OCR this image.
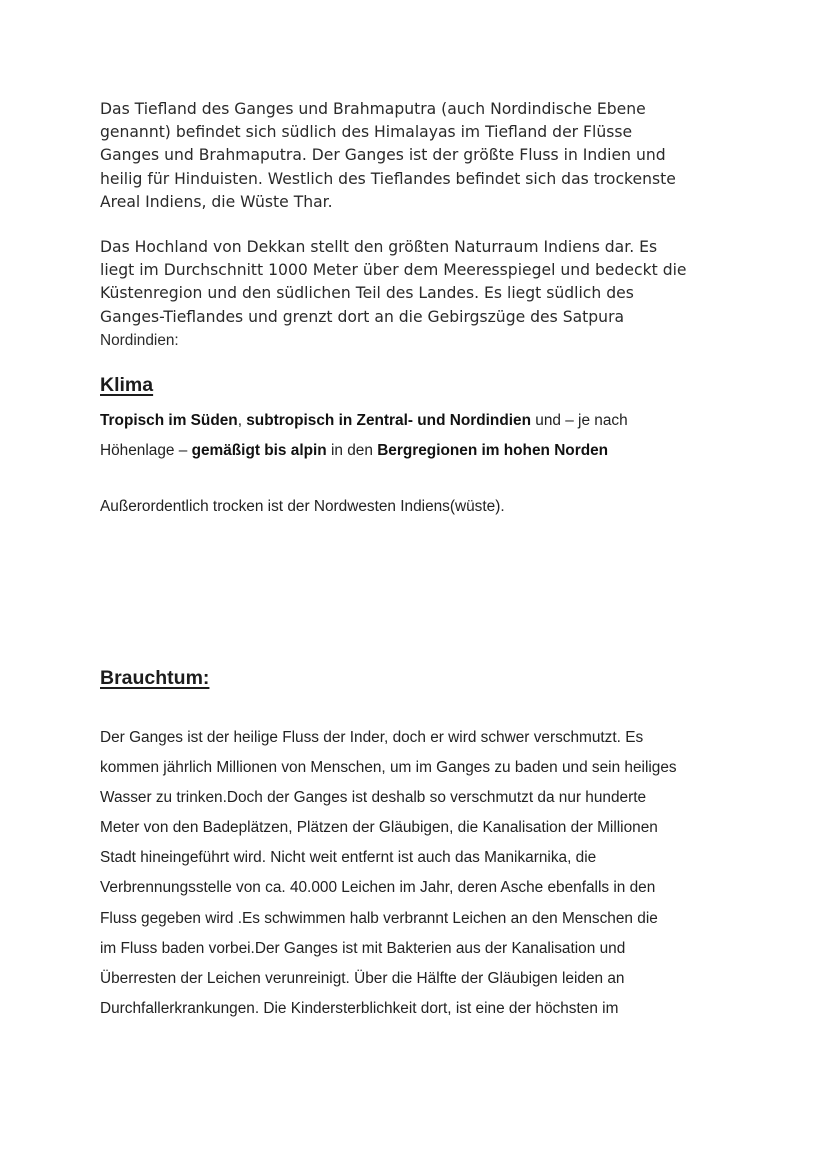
Das Tiefland des Ganges und Brahmaputra (auch Nordindische Ebene
genannt) befindet sich südlich des Himalayas im Tiefland der Flüsse
Ganges und Brahmaputra. Der Ganges ist der größte Fluss in Indien und
heilig für Hinduisten. Westlich des Tieflandes befindet sich das trockenste
Areal Indiens, die Wüste Thar.

Das Hochland von Dekkan stellt den größten Naturraum Indiens dar. Es
liegt im Durchschnitt 1000 Meter über dem Meeresspiegel und bedeckt die
Küstenregion und den südlichen Teil des Landes. Es liegt südlich des
Ganges-Tieflandes und grenzt dort an die Gebirgszüge des Satpura
Nordindien:

Klima

Tropisch im Süden, subtropisch in Zentral- und Nordindien und – je nach
Höhenlage – gemäßigt bis alpin in den Bergregionen im hohen Norden

Außerordentlich trocken ist der Nordwesten Indiens(wüste).

Brauchtum:

Der Ganges ist der heilige Fluss der Inder, doch er wird schwer verschmutzt. Es
kommen jährlich Millionen von Menschen, um im Ganges zu baden und sein heiliges
Wasser zu trinken.Doch der Ganges ist deshalb so verschmutzt da nur hunderte
Meter von den Badeplätzen, Plätzen der Gläubigen, die Kanalisation der Millionen
Stadt hineingeführt wird. Nicht weit entfernt ist auch das Manikarnika, die
Verbrennungsstelle von ca. 40.000 Leichen im Jahr, deren Asche ebenfalls in den
Fluss gegeben wird .Es schwimmen halb verbrannt Leichen an den Menschen die
im Fluss baden vorbei.Der Ganges ist mit Bakterien aus der Kanalisation und
Überresten der Leichen verunreinigt. Über die Hälfte der Gläubigen leiden an
Durchfallerkrankungen. Die Kindersterblichkeit dort, ist eine der höchsten im
